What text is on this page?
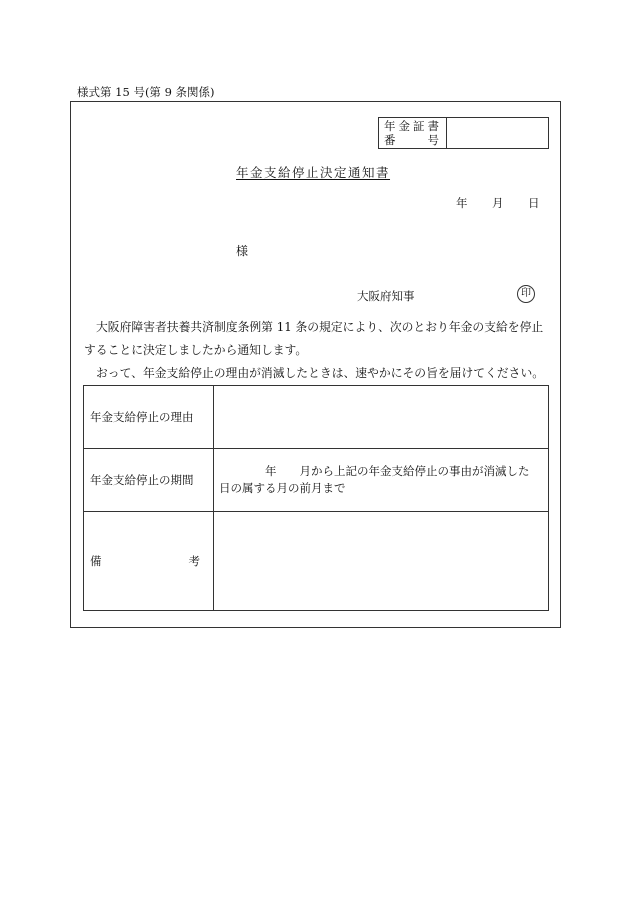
様式第 15 号(第 9 条関係)
年金証書
番	号
年金支給停止決定通知書
年 月 日
様
大阪府知事	印
大阪府障害者扶養共済制度条例第 11 条の規定により、次のとおり年金の支給を停止
することに決定しましたから通知します。
おって、年金支給停止の理由が消滅したときは、速やかにその旨を届けてください。
年金支給停止の理由	
年金支給停止の期間	年　　月から上記の年金支給停止の事由が消滅した
日の属する月の前月まで

備 考	
